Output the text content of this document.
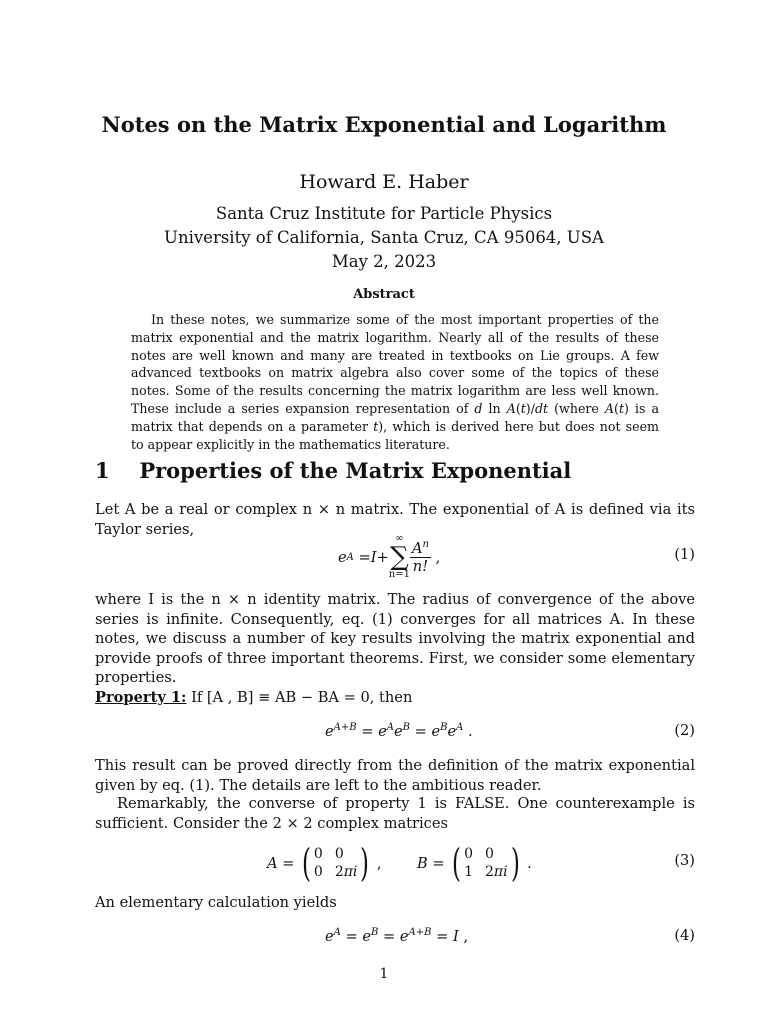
Notes on the Matrix Exponential and Logarithm
Howard E. Haber
Santa Cruz Institute for Particle Physics
University of California, Santa Cruz, CA 95064, USA
May 2, 2023
Abstract

In these notes, we summarize some of the most important properties of the matrix exponential and the matrix logarithm. Nearly all of the results of these notes are well known and many are treated in textbooks on Lie groups. A few advanced textbooks on matrix algebra also cover some of the topics of these notes. Some of the results concerning the matrix logarithm are less well known. These include a series expansion representation of d ln A(t)/dt (where A(t) is a matrix that depends on a parameter t), which is derived here but does not seem to appear explicitly in the mathematics literature.

1 Properties of the Matrix Exponential

Let A be a real or complex n × n matrix. The exponential of A is defined via its Taylor series,

e A = I +
∞
∑
$n=1 \frac{A^n}{n!}$ ,	(1)

where I is the n × n identity matrix. The radius of convergence of the above series is infinite. Consequently, eq. (1) converges for all matrices A. In these notes, we discuss a number of key results involving the matrix exponential and provide proofs of three important theorems. First, we consider some elementary properties.

Property 1: If [A , B] ≡ AB − BA = 0, then

$e^{A+B} = e^Ae^B = e^Be^A$ .	(2)

This result can be proved directly from the definition of the matrix exponential given by eq. (1). The details are left to the ambitious reader.

Remarkably, the converse of property 1 is FALSE. One counterexample is sufficient. Consider the 2 × 2 complex matrices

A = ( 0 0
0 2πi ) , B = ( 0 0
1 2πi ) .	(3)

An elementary calculation yields

$e^A = e^B = e^{A+B} = I$ ,	(4)
1
